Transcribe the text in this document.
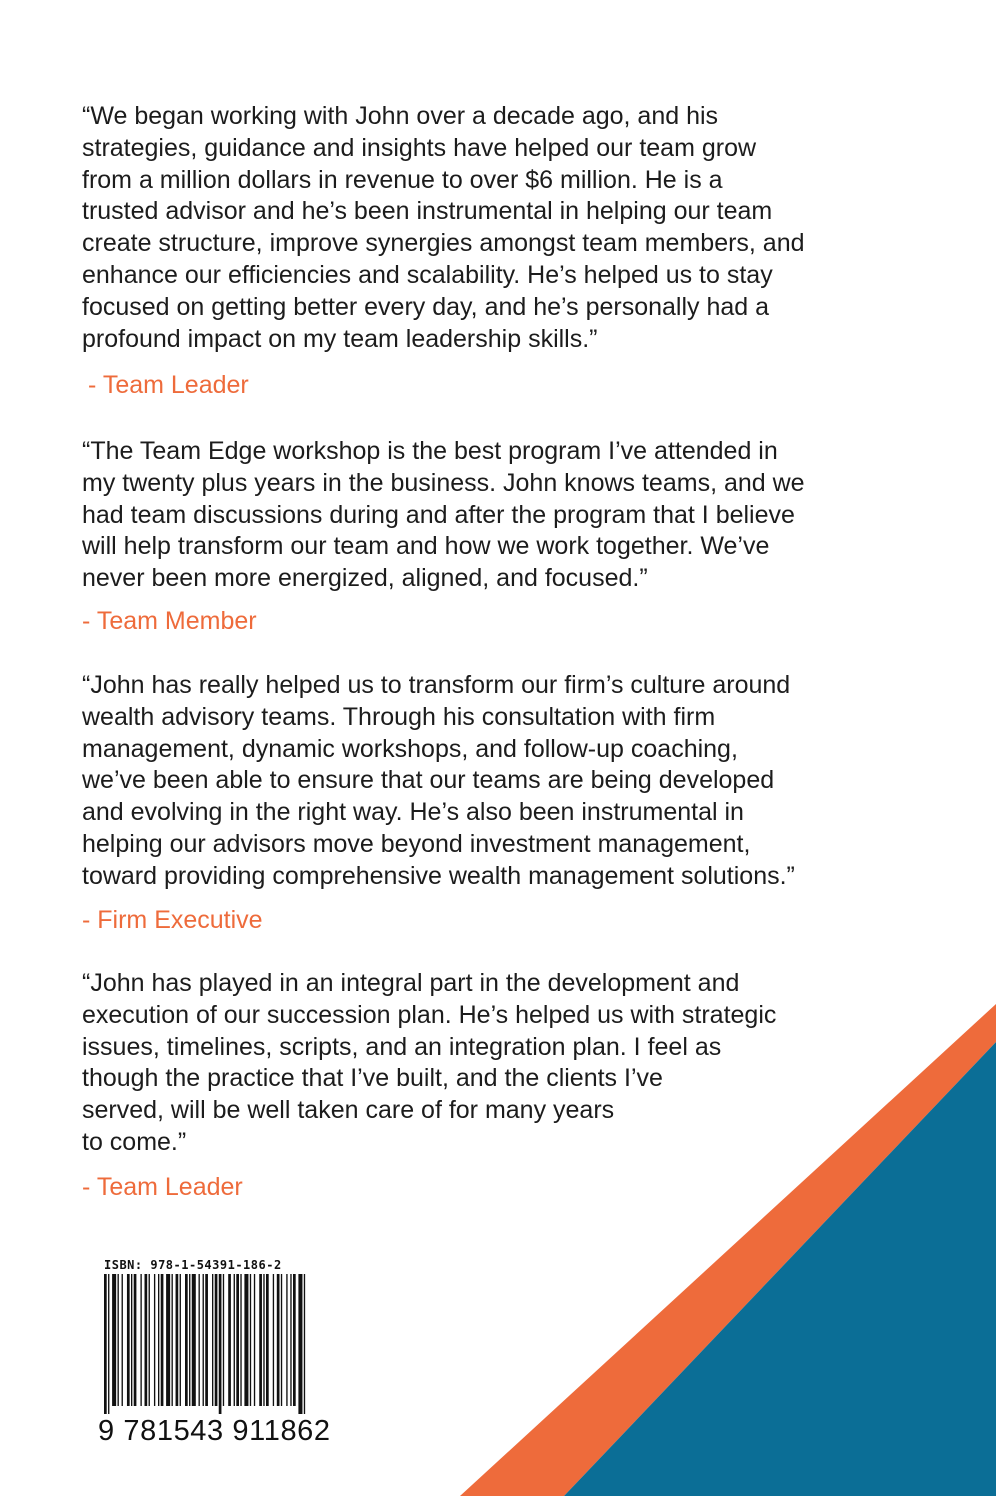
“We began working with John over a decade ago, and his
strategies, guidance and insights have helped our team grow
from a million dollars in revenue to over $6 million. He is a
trusted advisor and he’s been instrumental in helping our team
create structure, improve synergies amongst team members, and
enhance our efficiencies and scalability. He’s helped us to stay
focused on getting better every day, and he’s personally had a
profound impact on my team leadership skills.”
- Team Leader
“The Team Edge workshop is the best program I’ve attended in
my twenty plus years in the business. John knows teams, and we
had team discussions during and after the program that I believe
will help transform our team and how we work together. We’ve
never been more energized, aligned, and focused.”
- Team Member
“John has really helped us to transform our firm’s culture around
wealth advisory teams. Through his consultation with firm
management, dynamic workshops, and follow-up coaching,
we’ve been able to ensure that our teams are being developed
and evolving in the right way. He’s also been instrumental in
helping our advisors move beyond investment management,
toward providing comprehensive wealth management solutions.”
- Firm Executive
“John has played in an integral part in the development and
execution of our succession plan. He’s helped us with strategic
issues, timelines, scripts, and an integration plan. I feel as
though the practice that I’ve built, and the clients I’ve
served, will be well taken care of for many years
to come.”
- Team Leader
ISBN: 978-1-54391-186-2
9 781543 911862
